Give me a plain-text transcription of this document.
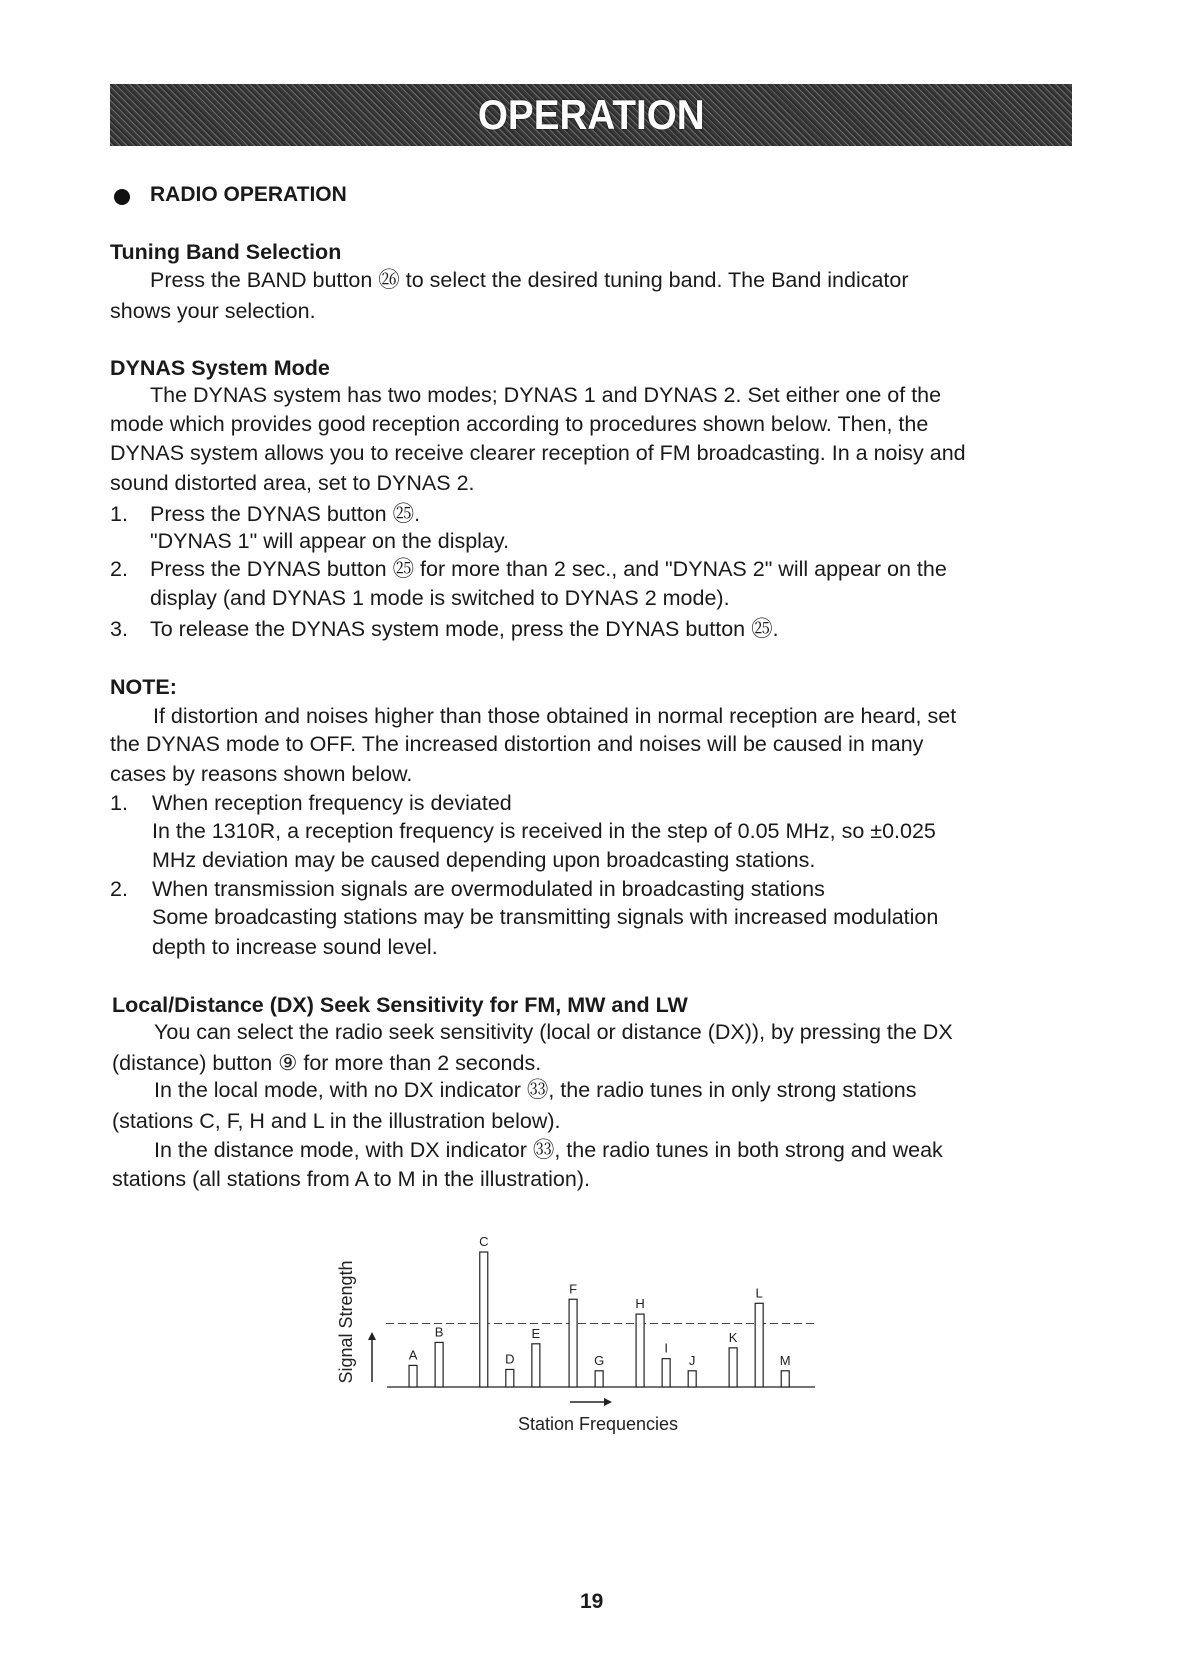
OPERATION
RADIO OPERATION
Tuning Band Selection
Press the BAND button ㉖ to select the desired tuning band. The Band indicator
shows your selection.
DYNAS System Mode
The DYNAS system has two modes; DYNAS 1 and DYNAS 2. Set either one of the
mode which provides good reception according to procedures shown below. Then, the
DYNAS system allows you to receive clearer reception of FM broadcasting. In a noisy and
sound distorted area, set to DYNAS 2.
1. Press the DYNAS button ㉕.
"DYNAS 1" will appear on the display.
2. Press the DYNAS button ㉕ for more than 2 sec., and "DYNAS 2" will appear on the
display (and DYNAS 1 mode is switched to DYNAS 2 mode).
3. To release the DYNAS system mode, press the DYNAS button ㉕.
NOTE:
If distortion and noises higher than those obtained in normal reception are heard, set
the DYNAS mode to OFF. The increased distortion and noises will be caused in many
cases by reasons shown below.
1. When reception frequency is deviated
In the 1310R, a reception frequency is received in the step of 0.05 MHz, so ±0.025
MHz deviation may be caused depending upon broadcasting stations.
2. When transmission signals are overmodulated in broadcasting stations
Some broadcasting stations may be transmitting signals with increased modulation
depth to increase sound level.
Local/Distance (DX) Seek Sensitivity for FM, MW and LW
You can select the radio seek sensitivity (local or distance (DX)), by pressing the DX
(distance) button ⑨ for more than 2 seconds.
In the local mode, with no DX indicator ㉝, the radio tunes in only strong stations
(stations C, F, H and L in the illustration below).
In the distance mode, with DX indicator ㉝, the radio tunes in both strong and weak
stations (all stations from A to M in the illustration).
Signal Strength
Station Frequencies
A
B
C
D
E
F
G
H
I
J
K
L
M
19
